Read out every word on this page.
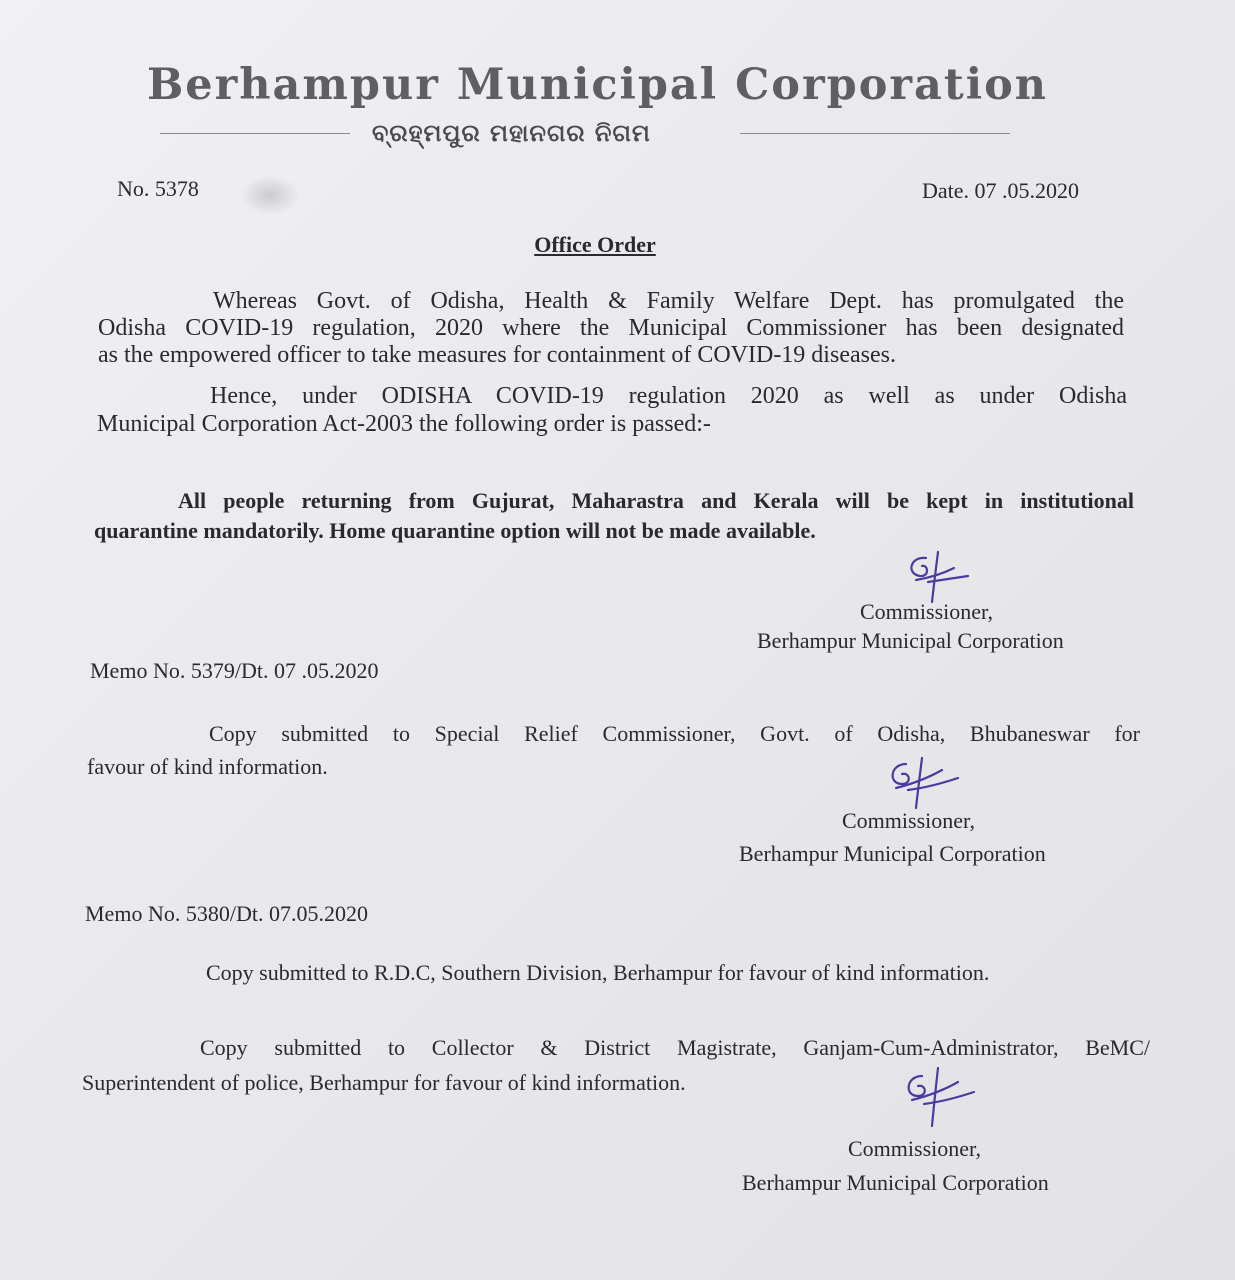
Berhampur Municipal Corporation
ବ୍ରହ୍ମପୁର ମହାନଗର ନିଗମ
No. 5378	Date. 07 .05.2020
Office Order
Whereas Govt. of Odisha, Health & Family Welfare Dept. has promulgated the
Odisha COVID-19 regulation, 2020 where the Municipal Commissioner has been designated
as the empowered officer to take measures for containment of COVID-19 diseases.
Hence, under ODISHA COVID-19 regulation 2020 as well as under Odisha
Municipal Corporation Act-2003 the following order is passed:-
All people returning from Gujurat, Maharastra and Kerala will be kept in institutional
quarantine mandatorily. Home quarantine option will not be made available.
Commissioner,
Berhampur Municipal Corporation
Memo No. 5379/Dt. 07 .05.2020
Copy submitted to Special Relief Commissioner, Govt. of Odisha, Bhubaneswar for
favour of kind information.
Commissioner,
Berhampur Municipal Corporation
Memo No. 5380/Dt. 07.05.2020
Copy submitted to R.D.C, Southern Division, Berhampur for favour of kind information.
Copy submitted to Collector & District Magistrate, Ganjam-Cum-Administrator, BeMC/
Superintendent of police, Berhampur for favour of kind information.
Commissioner,
Berhampur Municipal Corporation
